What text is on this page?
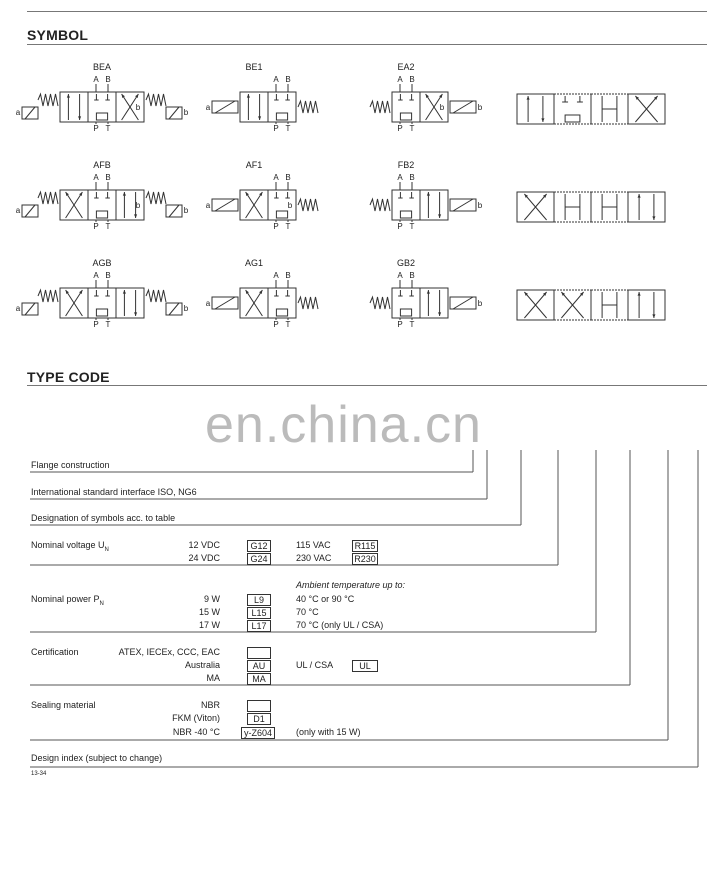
SYMBOL
BEA
A B
P T
a	b
b
BE1
A B
P T
a
EA2
A B
P T
b
b
AFB
A B
P T
a	b
b
AF1
A B
P T
a	b
FB2
A B
P T
b
AGB
A B
P T
a	b
AG1
A B
P T
a
GB2
A B
P T
b
TYPE CODE
en.china.cn
Flange construction
International standard interface ISO, NG6
Designation of symbols acc. to table
Nominal voltage $U_N$	12 VDC	G12	115 VAC	R115
24 VDC	G24	230 VAC	R230
Ambient temperature up to:
Nominal power $P_N$	9 W	L9	40 °C or 90 °C
15 W	L15	70 °C
17 W	L17	70 °C (only UL / CSA)
Certification	ATEX, IECEx, CCC, EAC
Australia	AU	UL / CSA	UL
MA	MA
Sealing material	NBR
FKM (Viton)	D1
NBR -40 °C	y-Z604	(only with 15 W)
Design index (subject to change)
13-34
